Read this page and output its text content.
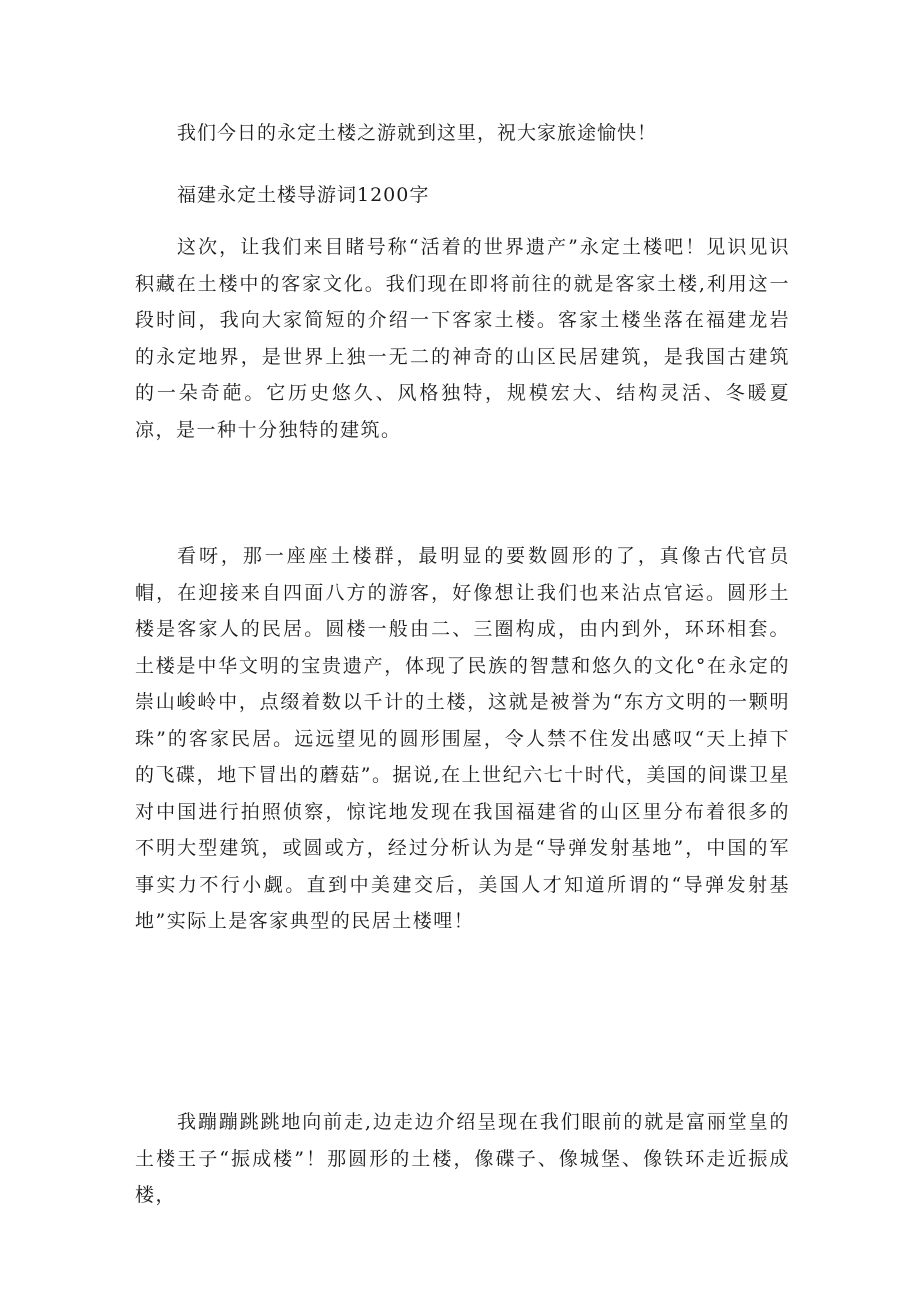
我们今日的永定土楼之游就到这里，祝大家旅途愉快！
福建永定土楼导游词1200字

这次，让我们来目睹号称“活着的世界遗产”永定土楼吧！见识见识积藏在土楼中的客家文化。我们现在即将前往的就是客家土楼,利用这一段时间，我向大家简短的介绍一下客家土楼。客家土楼坐落在福建龙岩的永定地界，是世界上独一无二的神奇的山区民居建筑，是我国古建筑的一朵奇葩。它历史悠久、风格独特，规模宏大、结构灵活、冬暖夏凉，是一种十分独特的建筑。

看呀，那一座座土楼群，最明显的要数圆形的了，真像古代官员帽，在迎接来自四面八方的游客，好像想让我们也来沾点官运。圆形土楼是客家人的民居。圆楼一般由二、三圈构成，由内到外，环环相套。土楼是中华文明的宝贵遗产，体现了民族的智慧和悠久的文化°在永定的崇山峻岭中，点缀着数以千计的土楼，这就是被誉为“东方文明的一颗明珠”的客家民居。远远望见的圆形围屋，令人禁不住发出感叹“天上掉下的飞碟，地下冒出的蘑菇”。据说,在上世纪六七十时代，美国的间谍卫星对中国进行拍照侦察，惊诧地发现在我国福建省的山区里分布着很多的不明大型建筑，或圆或方，经过分析认为是“导弹发射基地”，中国的军事实力不行小觑。直到中美建交后，美国人才知道所谓的“导弹发射基地”实际上是客家典型的民居土楼哩！

我蹦蹦跳跳地向前走,边走边介绍呈现在我们眼前的就是富丽堂皇的土楼王子“振成楼”！那圆形的土楼，像碟子、像城堡、像铁环走近振成楼，
